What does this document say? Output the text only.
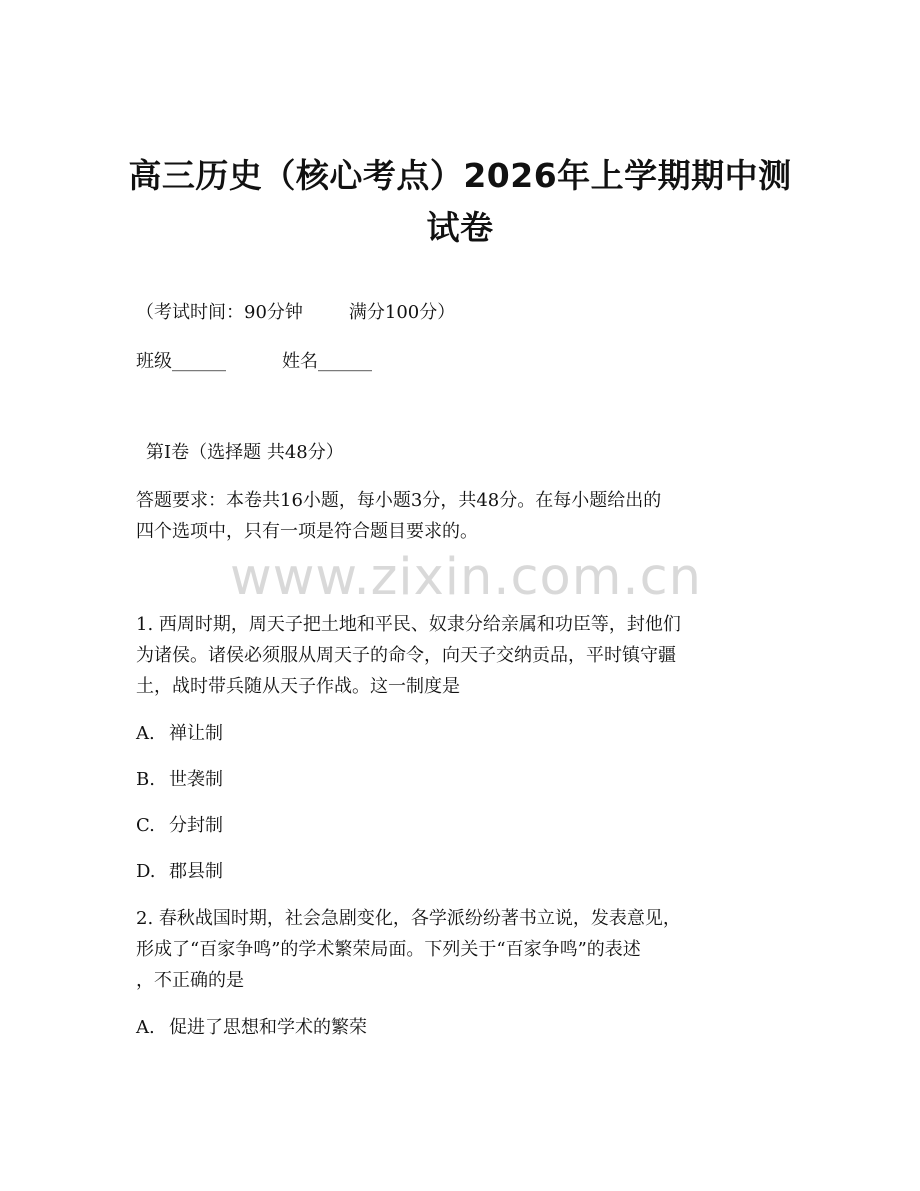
高三历史（核心考点）2026年上学期期中测
试卷
（考试时间：90分钟	满分100分）
班级______	姓名______
第Ⅰ卷（选择题 共48分）
答题要求：本卷共16小题，每小题3分，共48分。在每小题给出的
四个选项中，只有一项是符合题目要求的。
www.zixin.com.cn
1. 西周时期，周天子把土地和平民、奴隶分给亲属和功臣等，封他们
为诸侯。诸侯必须服从周天子的命令，向天子交纳贡品，平时镇守疆
土，战时带兵随从天子作战。这一制度是
A. 禅让制
B. 世袭制
C. 分封制
D. 郡县制
2. 春秋战国时期，社会急剧变化，各学派纷纷著书立说，发表意见，
形成了“百家争鸣”的学术繁荣局面。下列关于“百家争鸣”的表述
，不正确的是
A. 促进了思想和学术的繁荣
